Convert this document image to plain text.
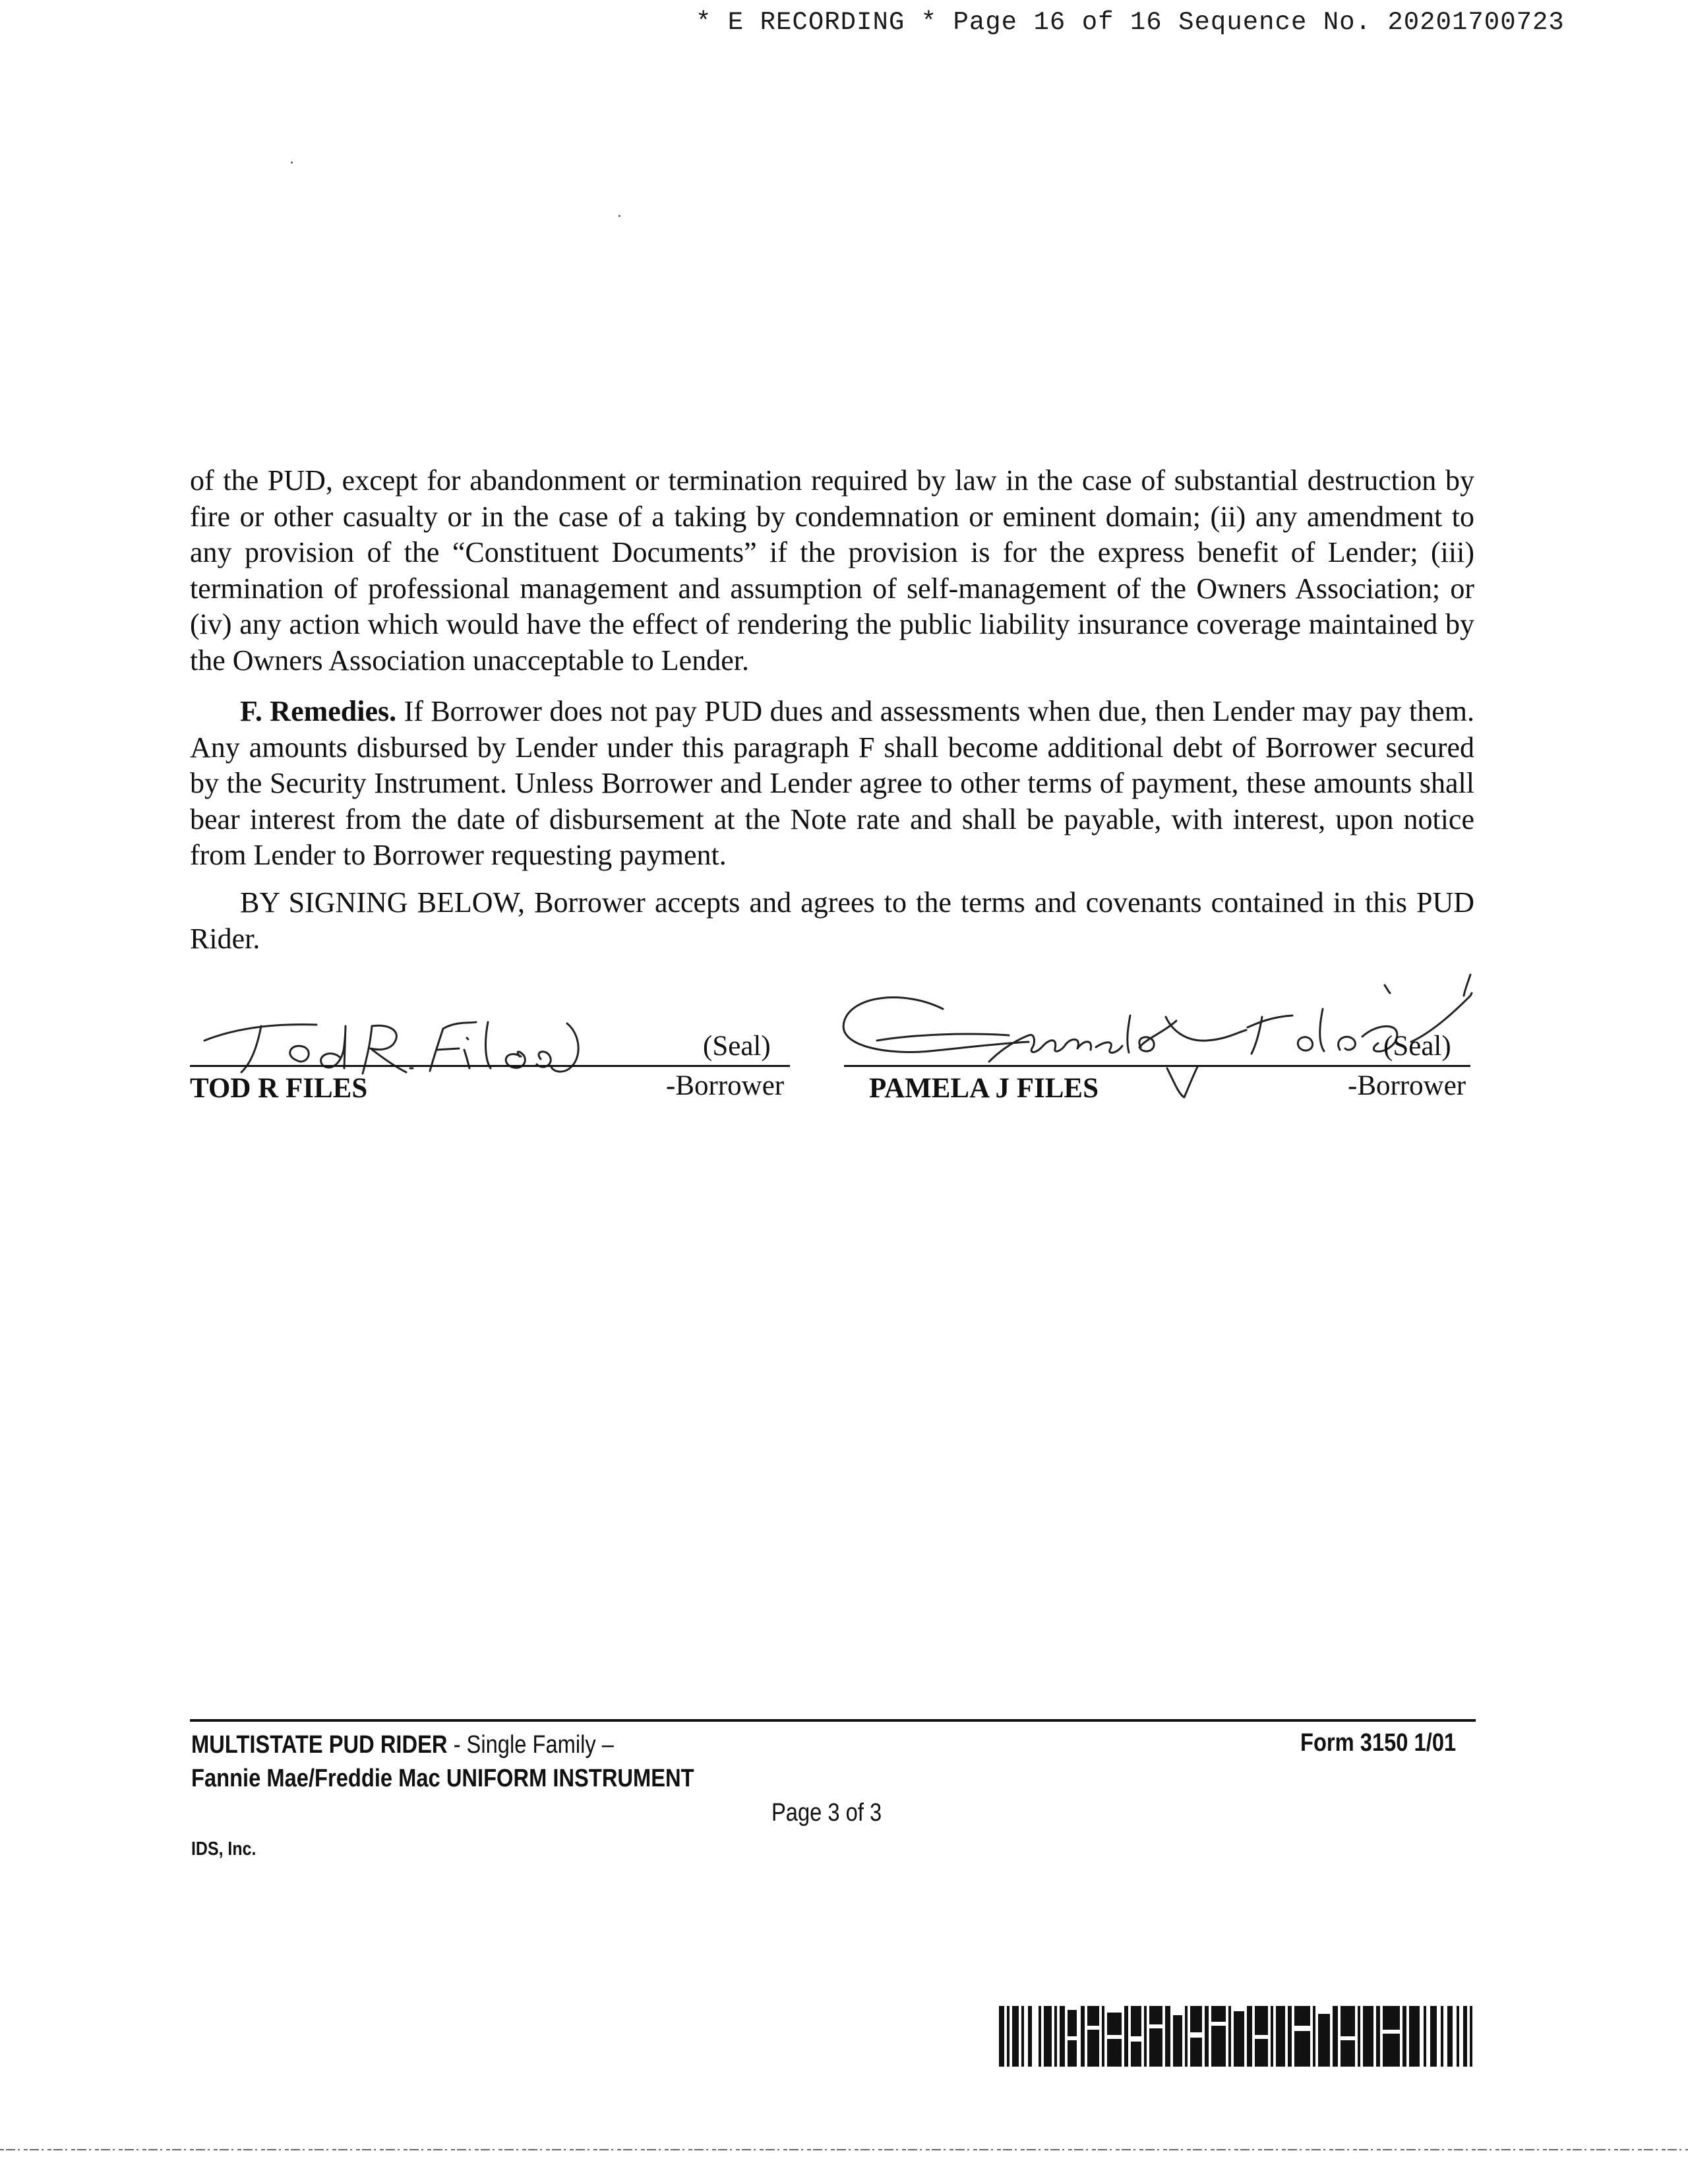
* E RECORDING * Page 16 of 16 Sequence No. 20201700723

of the PUD, except for abandonment or termination required by law in the case of substantial destruction by fire or other casualty or in the case of a taking by condemnation or eminent domain; (ii) any amendment to any provision of the “Constituent Documents” if the provision is for the express benefit of Lender; (iii) termination of professional management and assumption of self-management of the Owners Association; or (iv) any action which would have the effect of rendering the public liability insurance coverage maintained by the Owners Association unacceptable to Lender.

F. Remedies. If Borrower does not pay PUD dues and assessments when due, then Lender may pay them. Any amounts disbursed by Lender under this paragraph F shall become additional debt of Borrower secured by the Security Instrument. Unless Borrower and Lender agree to other terms of payment, these amounts shall bear interest from the date of disbursement at the Note rate and shall be payable, with interest, upon notice from Lender to Borrower requesting payment.

BY SIGNING BELOW, Borrower accepts and agrees to the terms and covenants contained in this PUD Rider.

(Seal)
TOD R FILES	-Borrower
(Seal)
PAMELA J FILES	-Borrower
MULTISTATE PUD RIDER - Single Family –	Form 3150 1/01
Fannie Mae/Freddie Mac UNIFORM INSTRUMENT
Page 3 of 3
IDS, Inc.
